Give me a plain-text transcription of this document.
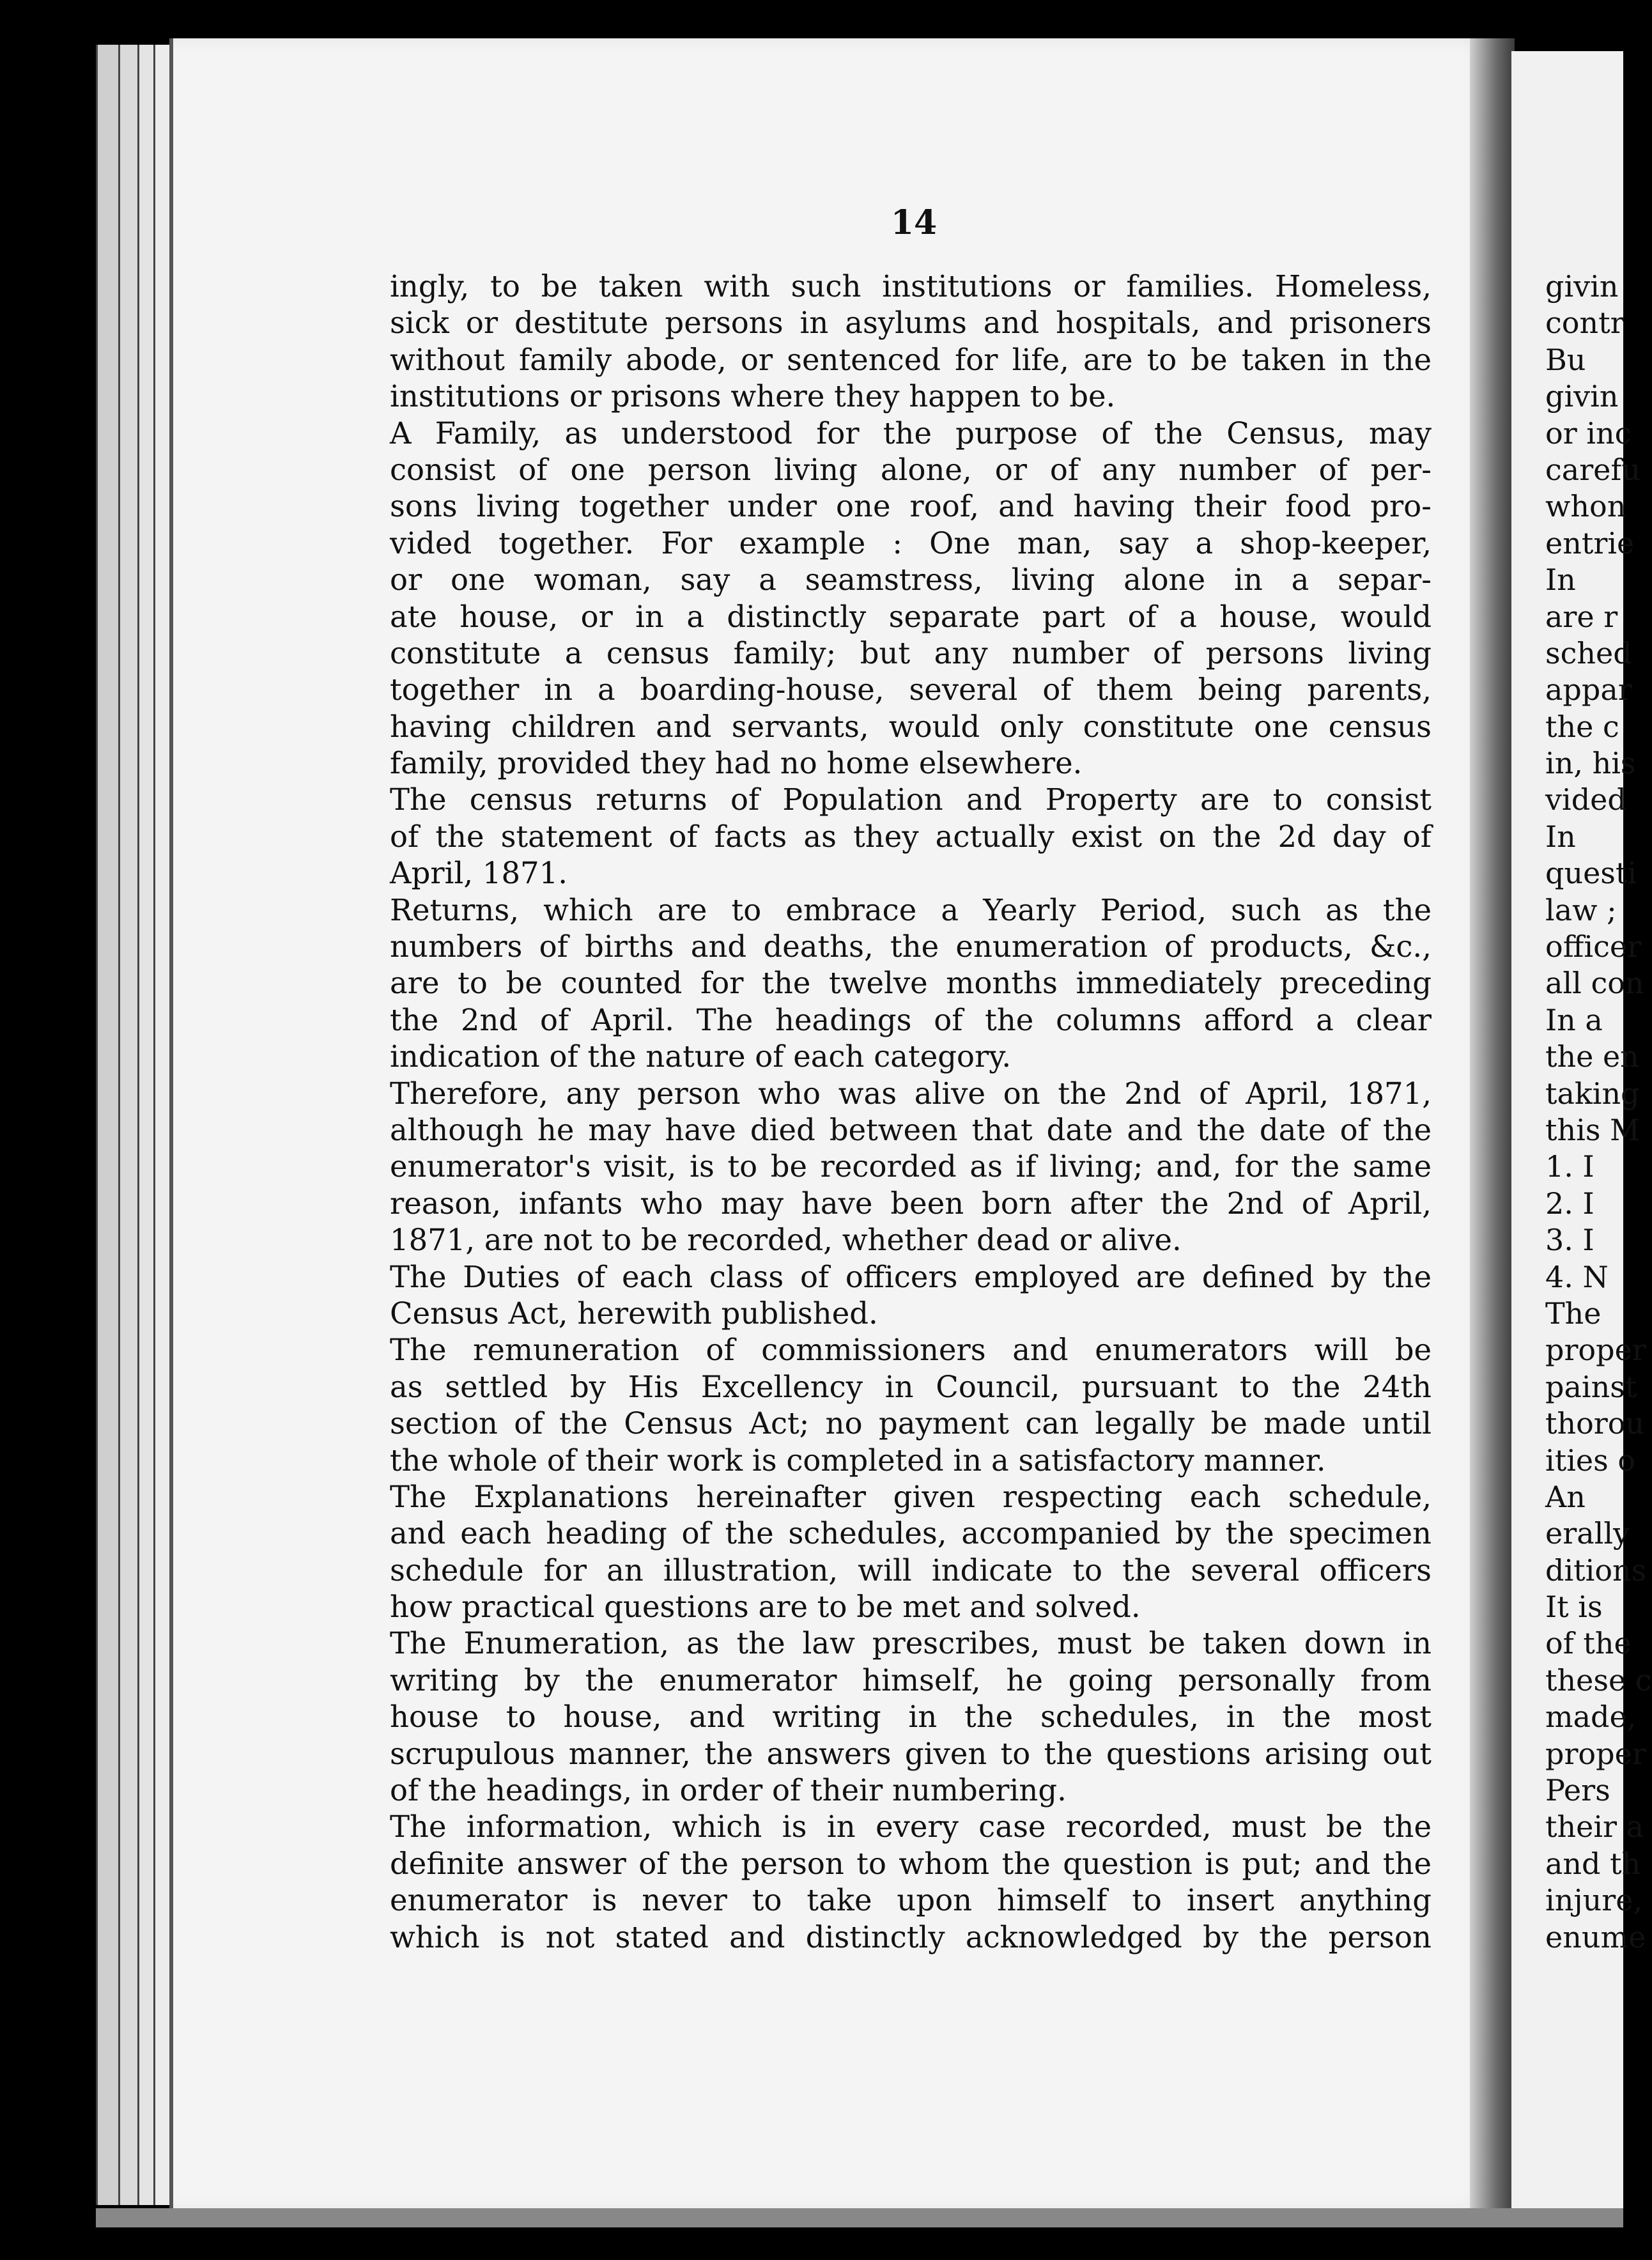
14
ingly, to be taken with such institutions or families. Homeless,
sick or destitute persons in asylums and hospitals, and prisoners
without family abode, or sentenced for life, are to be taken in the
institutions or prisons where they happen to be.
A Family, as understood for the purpose of the Census, may
consist of one person living alone, or of any number of per-
sons living together under one roof, and having their food pro-
vided together. For example : One man, say a shop-keeper,
or one woman, say a seamstress, living alone in a separ-
ate house, or in a distinctly separate part of a house, would
constitute a census family; but any number of persons living
together in a boarding-house, several of them being parents,
having children and servants, would only constitute one census
family, provided they had no home elsewhere.
The census returns of Population and Property are to consist
of the statement of facts as they actually exist on the 2d day of
April, 1871.
Returns, which are to embrace a Yearly Period, such as the
numbers of births and deaths, the enumeration of products, &c.,
are to be counted for the twelve months immediately preceding
the 2nd of April. The headings of the columns afford a clear
indication of the nature of each category.
Therefore, any person who was alive on the 2nd of April, 1871,
although he may have died between that date and the date of the
enumerator's visit, is to be recorded as if living; and, for the same
reason, infants who may have been born after the 2nd of April,
1871, are not to be recorded, whether dead or alive.
The Duties of each class of officers employed are defined by the
Census Act, herewith published.
The remuneration of commissioners and enumerators will be
as settled by His Excellency in Council, pursuant to the 24th
section of the Census Act; no payment can legally be made until
the whole of their work is completed in a satisfactory manner.
The Explanations hereinafter given respecting each schedule,
and each heading of the schedules, accompanied by the specimen
schedule for an illustration, will indicate to the several officers
how practical questions are to be met and solved.
The Enumeration, as the law prescribes, must be taken down in
writing by the enumerator himself, he going personally from
house to house, and writing in the schedules, in the most
scrupulous manner, the answers given to the questions arising out
of the headings, in order of their numbering.
The information, which is in every case recorded, must be the
definite answer of the person to whom the question is put; and the
enumerator is never to take upon himself to insert anything
which is not stated and distinctly acknowledged by the person
givin
contr
Bu
givin
or inc
carefu
whon
entrie
In
are r
sched
appar
the c
in, his
vided
In
questi
law ;
officer
all con
In a
the en
taking
this M
1. I
2. I
3. I
4. N
The
proper
painst
thorou
ities o
An
erally
ditions
It is
of the
these c
made,
proper
Pers
their a
and th
injure,
enume
